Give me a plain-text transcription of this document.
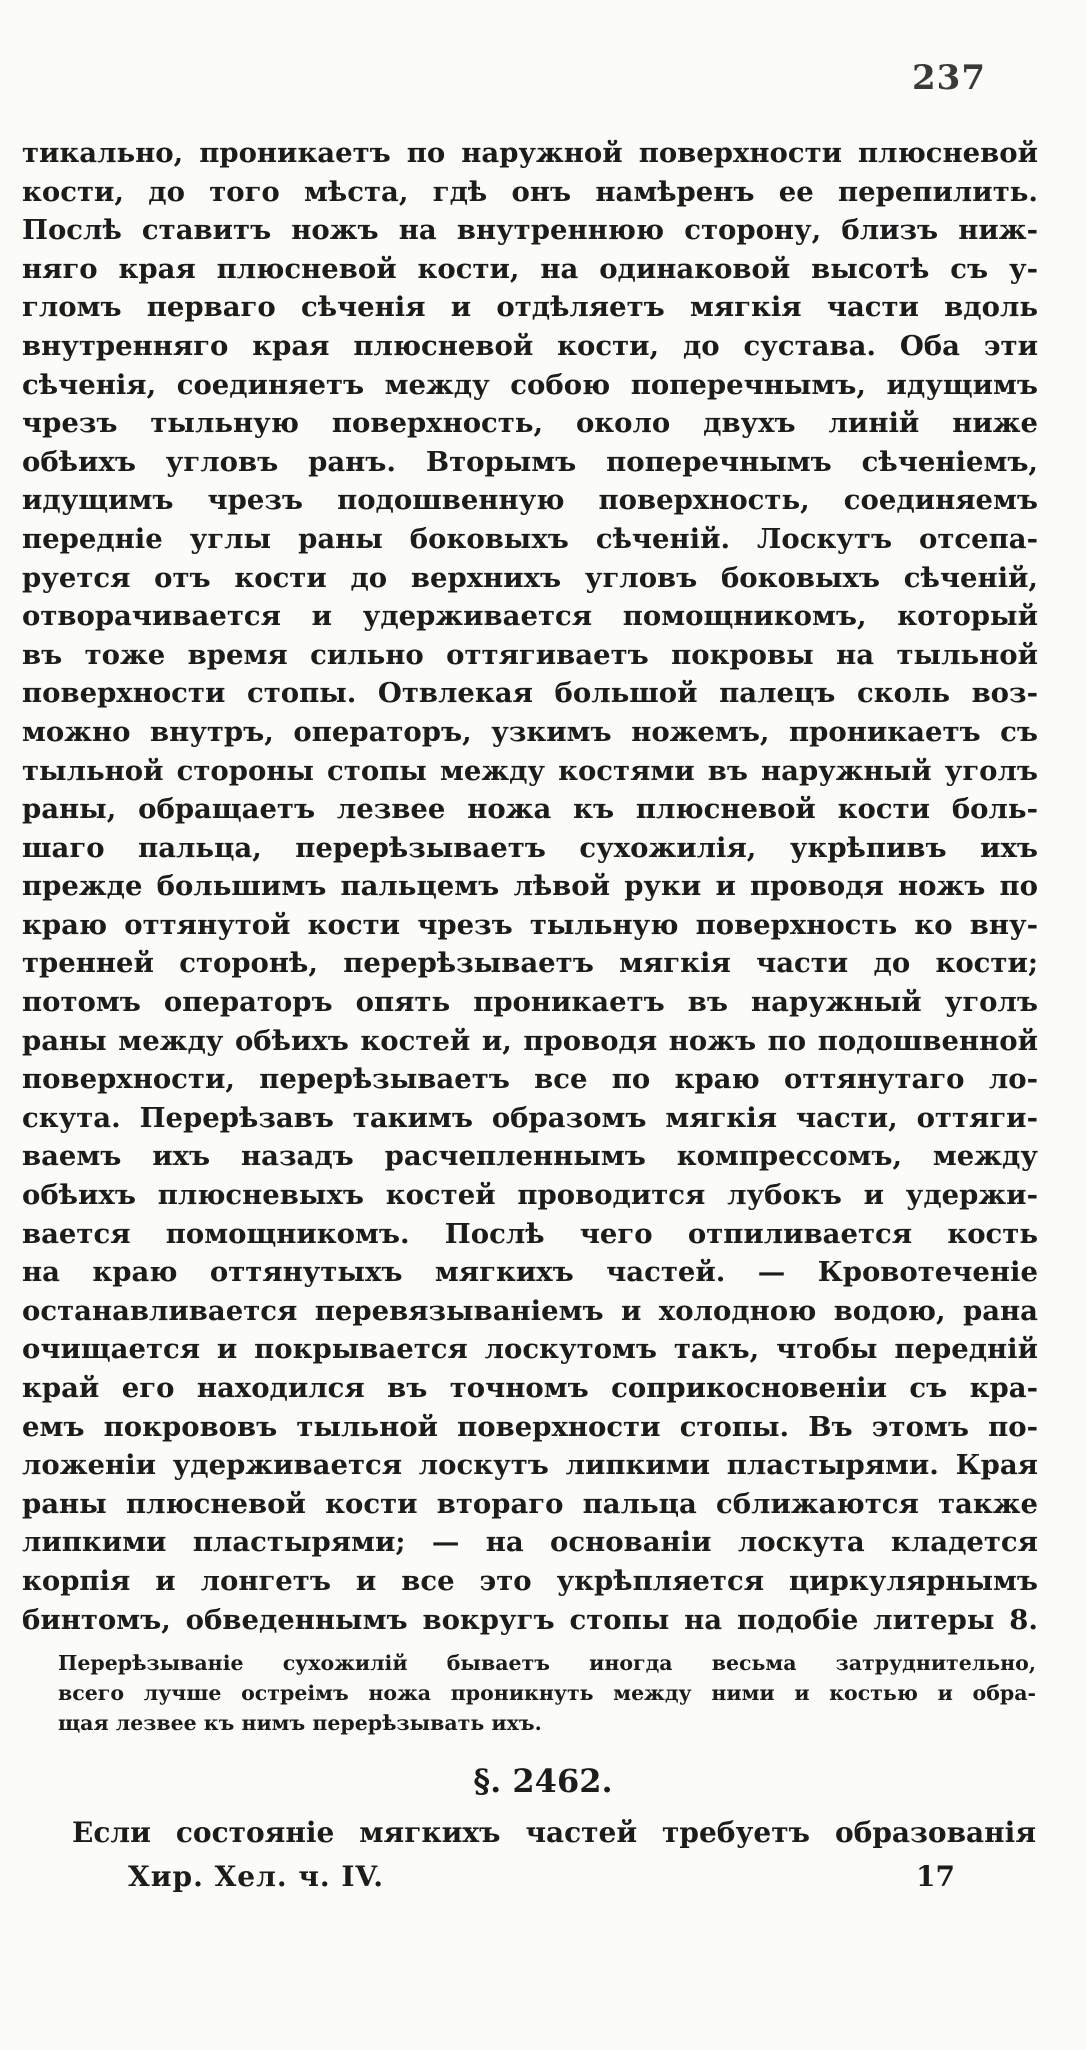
237
тикально, проникаетъ по наружной поверхности плюсневой
кости, до того мѣста, гдѣ онъ намѣренъ ее перепилить.
Послѣ ставитъ ножъ на внутреннюю сторону, близъ ниж-
няго края плюсневой кости, на одинаковой высотѣ съ у-
гломъ перваго сѣченія и отдѣляетъ мягкія части вдоль
внутренняго края плюсневой кости, до сустава. Оба эти
сѣченія, соединяетъ между собою поперечнымъ, идущимъ
чрезъ тыльную поверхность, около двухъ линій ниже
обѣихъ угловъ ранъ. Вторымъ поперечнымъ сѣченіемъ,
идущимъ чрезъ подошвенную поверхность, соединяемъ
передніе углы раны боковыхъ сѣченій. Лоскутъ отсепа-
руется отъ кости до верхнихъ угловъ боковыхъ сѣченій,
отворачивается и удерживается помощникомъ, который
въ тоже время сильно оттягиваетъ покровы на тыльной
поверхности стопы. Отвлекая большой палецъ сколь воз-
можно внутръ, операторъ, узкимъ ножемъ, проникаетъ съ
тыльной стороны стопы между костями въ наружный уголъ
раны, обращаетъ лезвее ножа къ плюсневой кости боль-
шаго пальца, перерѣзываетъ сухожилія, укрѣпивъ ихъ
прежде большимъ пальцемъ лѣвой руки и проводя ножъ по
краю оттянутой кости чрезъ тыльную поверхность ко вну-
тренней сторонѣ, перерѣзываетъ мягкія части до кости;
потомъ операторъ опять проникаетъ въ наружный уголъ
раны между обѣихъ костей и, проводя ножъ по подошвенной
поверхности, перерѣзываетъ все по краю оттянутаго ло-
скута. Перерѣзавъ такимъ образомъ мягкія части, оттяги-
ваемъ ихъ назадъ расчепленнымъ компрессомъ, между
обѣихъ плюсневыхъ костей проводится лубокъ и удержи-
вается помощникомъ. Послѣ чего отпиливается кость
на краю оттянутыхъ мягкихъ частей. — Кровотеченіе
останавливается перевязываніемъ и холодною водою, рана
очищается и покрывается лоскутомъ такъ, чтобы передній
край его находился въ точномъ соприкосновеніи съ кра-
емъ покрововъ тыльной поверхности стопы. Въ этомъ по-
ложеніи удерживается лоскутъ липкими пластырями. Края
раны плюсневой кости втораго пальца сближаются также
липкими пластырями; — на основаніи лоскута кладется
корпія и лонгетъ и все это укрѣпляется циркулярнымъ
бинтомъ, обведеннымъ вокругъ стопы на подобіе литеры 8.
Перерѣзываніе сухожилій бываетъ иногда весьма затруднительно,
всего лучше остреімъ ножа проникнуть между ними и костью и обра-
щая лезвее къ нимъ перерѣзывать ихъ.
§. 2462.
Если состояніе мягкихъ частей требуетъ образованія
Хир. Хел. ч. IV.	17
